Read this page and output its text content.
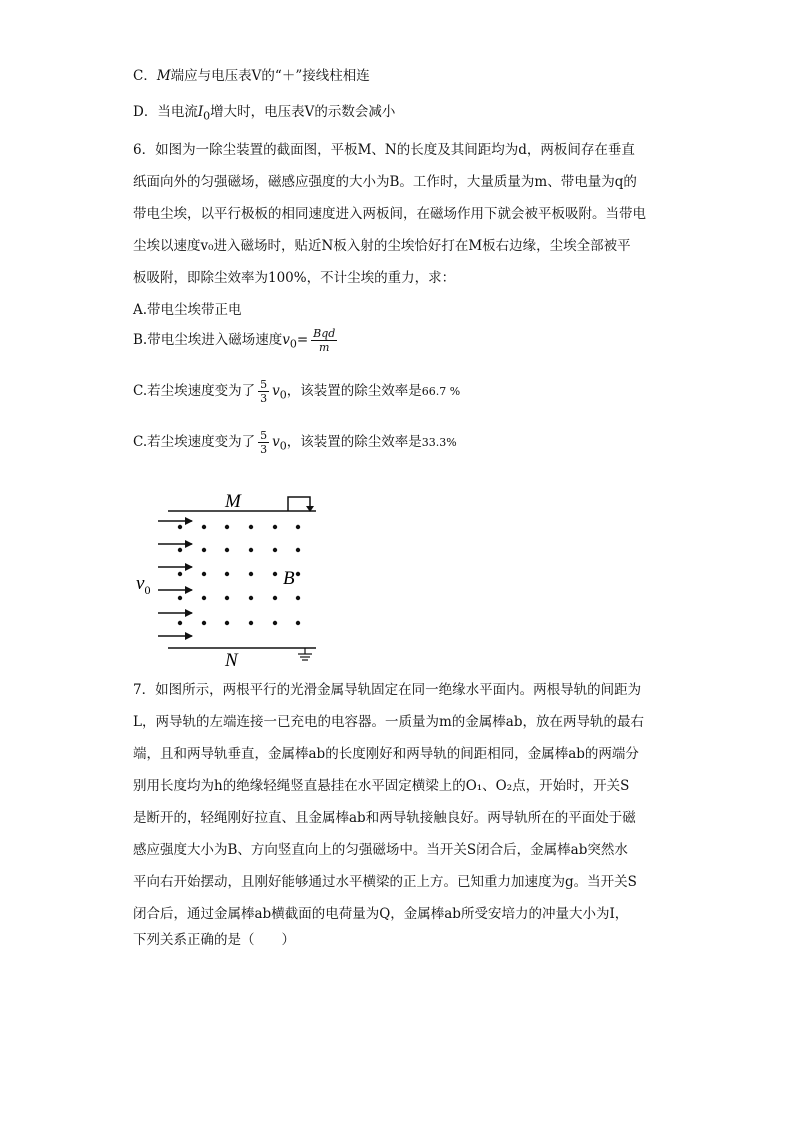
C．M端应与电压表V的“＋”接线柱相连
D．当电流$I_0$增大时，电压表V的示数会减小
6．如图为一除尘装置的截面图，平板M、N的长度及其间距均为d，两板间存在垂直
纸面向外的匀强磁场，磁感应强度的大小为B。工作时，大量质量为m、带电量为q的
带电尘埃，以平行极板的相同速度进入两板间，在磁场作用下就会被平板吸附。当带电
尘埃以速度v₀进入磁场时，贴近N板入射的尘埃恰好打在M板右边缘，尘埃全部被平
板吸附，即除尘效率为100%，不计尘埃的重力，求：
A.带电尘埃带正电
B.带电尘埃进入磁场速度$v_0= \frac{\text{Bqd}}{m}$
C.若尘埃速度变为了 $\frac{5}{3} v_0$，该装置的除尘效率是66.7 %
C.若尘埃速度变为了 $\frac{5}{3} v_0$，该装置的除尘效率是33.3%
M
N
B
$v_0$
7．如图所示，两根平行的光滑金属导轨固定在同一绝缘水平面内。两根导轨的间距为
L，两导轨的左端连接一已充电的电容器。一质量为m的金属棒ab，放在两导轨的最右
端，且和两导轨垂直，金属棒ab的长度刚好和两导轨的间距相同，金属棒ab的两端分
别用长度均为h的绝缘轻绳竖直悬挂在水平固定横梁上的O₁、O₂点，开始时，开关S
是断开的，轻绳刚好拉直、且金属棒ab和两导轨接触良好。两导轨所在的平面处于磁
感应强度大小为B、方向竖直向上的匀强磁场中。当开关S闭合后，金属棒ab突然水
平向右开始摆动，且刚好能够通过水平横梁的正上方。已知重力加速度为g。当开关S
闭合后，通过金属棒ab横截面的电荷量为Q，金属棒ab所受安培力的冲量大小为I，
下列关系正确的是（　　）
